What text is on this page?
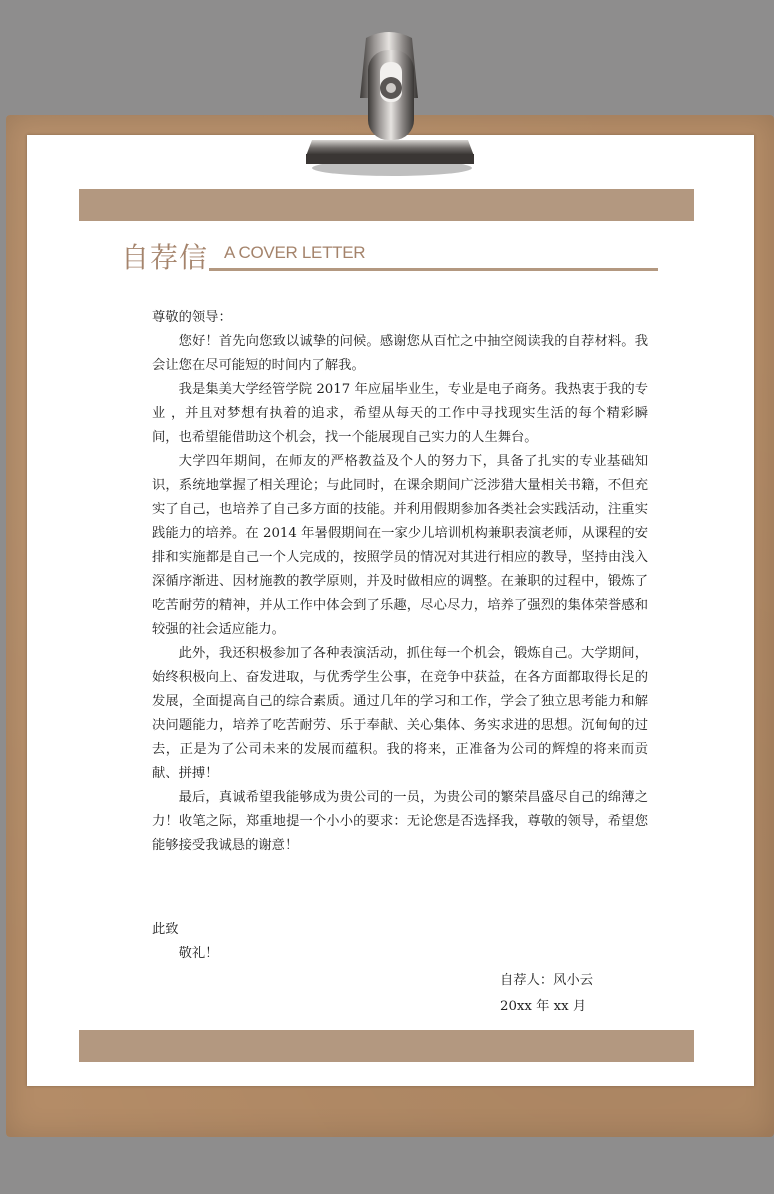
自荐信 A COVER LETTER

尊敬的领导：

您好！首先向您致以诚挚的问候。感谢您从百忙之中抽空阅读我的自荐材料。我会让您在尽可能短的时间内了解我。

我是集美大学经管学院 2017 年应届毕业生，专业是电子商务。我热衷于我的专业 ，并且对梦想有执着的追求，希望从每天的工作中寻找现实生活的每个精彩瞬间，也希望能借助这个机会，找一个能展现自己实力的人生舞台。

大学四年期间，在师友的严格教益及个人的努力下，具备了扎实的专业基础知识，系统地掌握了相关理论；与此同时，在课余期间广泛涉猎大量相关书籍，不但充实了自己，也培养了自己多方面的技能。并利用假期参加各类社会实践活动，注重实践能力的培养。在 2014 年暑假期间在一家少儿培训机构兼职表演老师，从课程的安排和实施都是自己一个人完成的，按照学员的情况对其进行相应的教导，坚持由浅入深循序渐进、因材施教的教学原则，并及时做相应的调整。在兼职的过程中，锻炼了吃苦耐劳的精神，并从工作中体会到了乐趣，尽心尽力，培养了强烈的集体荣誉感和较强的社会适应能力。

此外，我还积极参加了各种表演活动，抓住每一个机会，锻炼自己。大学期间，始终积极向上、奋发进取，与优秀学生公事，在竞争中获益，在各方面都取得长足的发展，全面提高自己的综合素质。通过几年的学习和工作，学会了独立思考能力和解决问题能力，培养了吃苦耐劳、乐于奉献、关心集体、务实求进的思想。沉甸甸的过去，正是为了公司未来的发展而蕴积。我的将来，正准备为公司的辉煌的将来而贡献、拼搏！

最后，真诚希望我能够成为贵公司的一员，为贵公司的繁荣昌盛尽自己的绵薄之力！收笔之际，郑重地提一个小小的要求：无论您是否选择我，尊敬的领导，希望您能够接受我诚恳的谢意！

此致
敬礼！
自荐人：风小云
20xx 年 xx 月
